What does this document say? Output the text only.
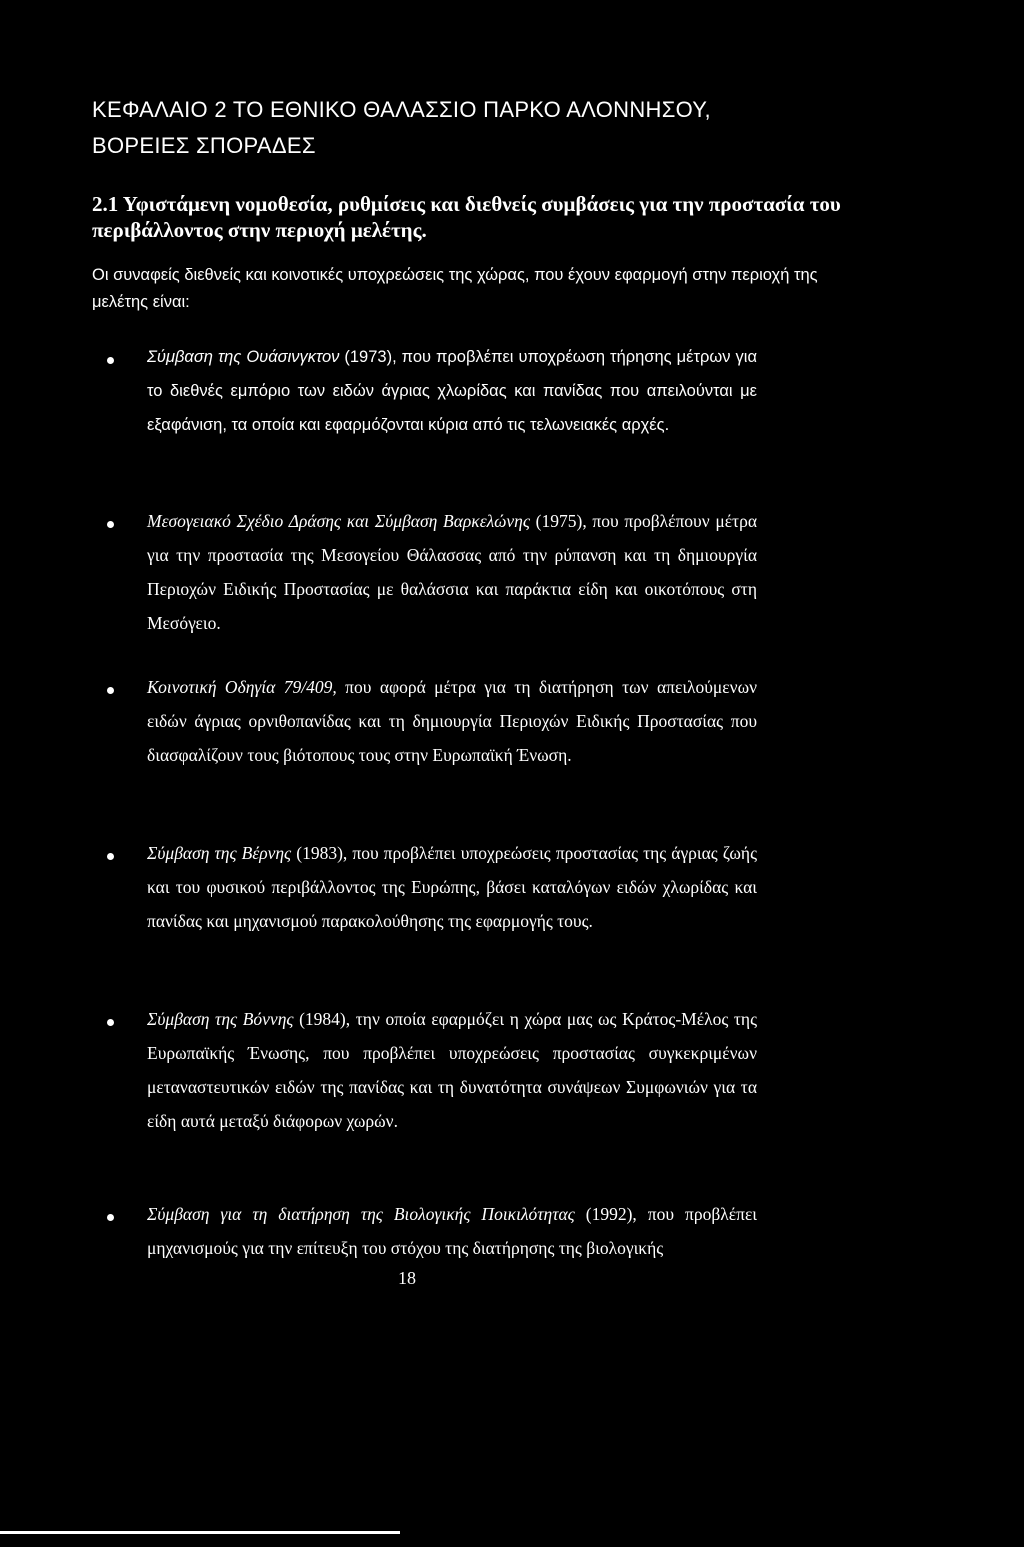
ΚΕΦΑΛΑΙΟ 2 ΤΟ ΕΘΝΙΚΟ ΘΑΛΑΣΣΙΟ ΠΑΡΚΟ ΑΛΟΝΝΗΣΟΥ,
ΒΟΡΕΙΕΣ ΣΠΟΡΑΔΕΣ
2.1 Υφιστάμενη νομοθεσία, ρυθμίσεις και διεθνείς συμβάσεις για την προστασία του περιβάλλοντος στην περιοχή μελέτης.
Οι συναφείς διεθνείς και κοινοτικές υποχρεώσεις της χώρας, που έχουν εφαρμογή στην περιοχή της μελέτης είναι:
Σύμβαση της Ουάσινγκτον (1973), που προβλέπει υποχρέωση τήρησης μέτρων για το διεθνές εμπόριο των ειδών άγριας χλωρίδας και πανίδας που απειλούνται με εξαφάνιση, τα οποία και εφαρμόζονται κύρια από τις τελωνειακές αρχές.
Μεσογειακό Σχέδιο Δράσης και Σύμβαση Βαρκελώνης (1975), που προβλέπουν μέτρα για την προστασία της Μεσογείου Θάλασσας από την ρύπανση και τη δημιουργία Περιοχών Ειδικής Προστασίας με θαλάσσια και παράκτια είδη και οικοτόπους στη Μεσόγειο.
Κοινοτική Οδηγία 79/409, που αφορά μέτρα για τη διατήρηση των απειλούμενων ειδών άγριας ορνιθοπανίδας και τη δημιουργία Περιοχών Ειδικής Προστασίας που διασφαλίζουν τους βιότοπους τους στην Ευρωπαϊκή Ένωση.
Σύμβαση της Βέρνης (1983), που προβλέπει υποχρεώσεις προστασίας της άγριας ζωής και του φυσικού περιβάλλοντος της Ευρώπης, βάσει καταλόγων ειδών χλωρίδας και πανίδας και μηχανισμού παρακολούθησης της εφαρμογής τους.
Σύμβαση της Βόννης (1984), την οποία εφαρμόζει η χώρα μας ως Κράτος-Μέλος της Ευρωπαϊκής Ένωσης, που προβλέπει υποχρεώσεις προστασίας συγκεκριμένων μεταναστευτικών ειδών της πανίδας και τη δυνατότητα συνάψεων Συμφωνιών για τα είδη αυτά μεταξύ διάφορων χωρών.
Σύμβαση για τη διατήρηση της Βιολογικής Ποικιλότητας (1992), που προβλέπει μηχανισμούς για την επίτευξη του στόχου της διατήρησης της βιολογικής
18
